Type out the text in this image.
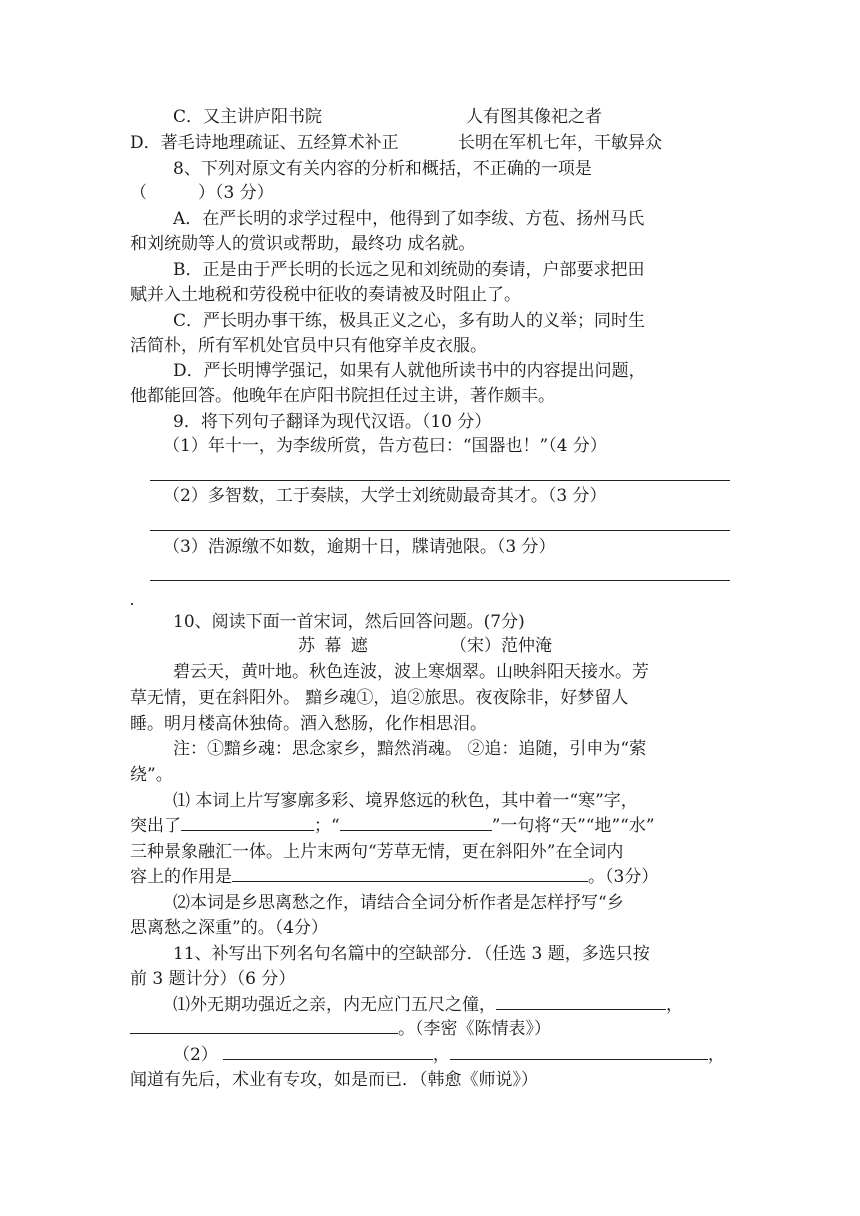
C．又主讲庐阳书院	人有图其像祀之者
D．著毛诗地理疏证、五经算术补正	长明在军机七年，干敏异众
8、下列对原文有关内容的分析和概括，不正确的一项是
（　　　）（3 分）
A．在严长明的求学过程中，他得到了如李绂、方苞、扬州马氏
和刘统勋等人的赏识或帮助，最终功 成名就。
B．正是由于严长明的长远之见和刘统勋的奏请，户部要求把田
赋并入土地税和劳役税中征收的奏请被及时阻止了。
C．严长明办事干练，极具正义之心，多有助人的义举；同时生
活简朴，所有军机处官员中只有他穿羊皮衣服。
D．严长明博学强记，如果有人就他所读书中的内容提出问题，
他都能回答。他晚年在庐阳书院担任过主讲，著作颇丰。
9．将下列句子翻译为现代汉语。（10 分）
（1）年十一，为李绂所赏，告方苞曰：“国器也！”（4 分）
（2）多智数，工于奏牍，大学士刘统勋最奇其才。（3 分）
（3）浩源缴不如数，逾期十日，牒请弛限。（3 分）
10、阅读下面一首宋词，然后回答问题。(7分)
苏 幕 遮	（宋）范仲淹
碧云天，黄叶地。秋色连波，波上寒烟翠。山映斜阳天接水。芳
草无情，更在斜阳外。 黯乡魂①，追②旅思。夜夜除非，好梦留人
睡。明月楼高休独倚。酒入愁肠，化作相思泪。
注：①黯乡魂：思念家乡，黯然消魂。 ②追：追随，引申为“萦
绕”。
⑴ 本词上片写寥廓多彩、境界悠远的秋色，其中着一“寒”字，
突出了	；“	”一句将“天”“地”“水”
三种景象融汇一体。上片末两句“芳草无情，更在斜阳外”在全词内
容上的作用是	。（3分）
⑵本词是乡思离愁之作，请结合全词分析作者是怎样抒写“乡
思离愁之深重”的。（4分）
11、补写出下列名句名篇中的空缺部分．（任选 3 题，多选只按
前 3 题计分）（6 分）
⑴外无期功强近之亲，内无应门五尺之僮，	，
。（李密《陈情表》）
（2）	，	，
闻道有先后，术业有专攻，如是而已．（韩愈《师说》）
